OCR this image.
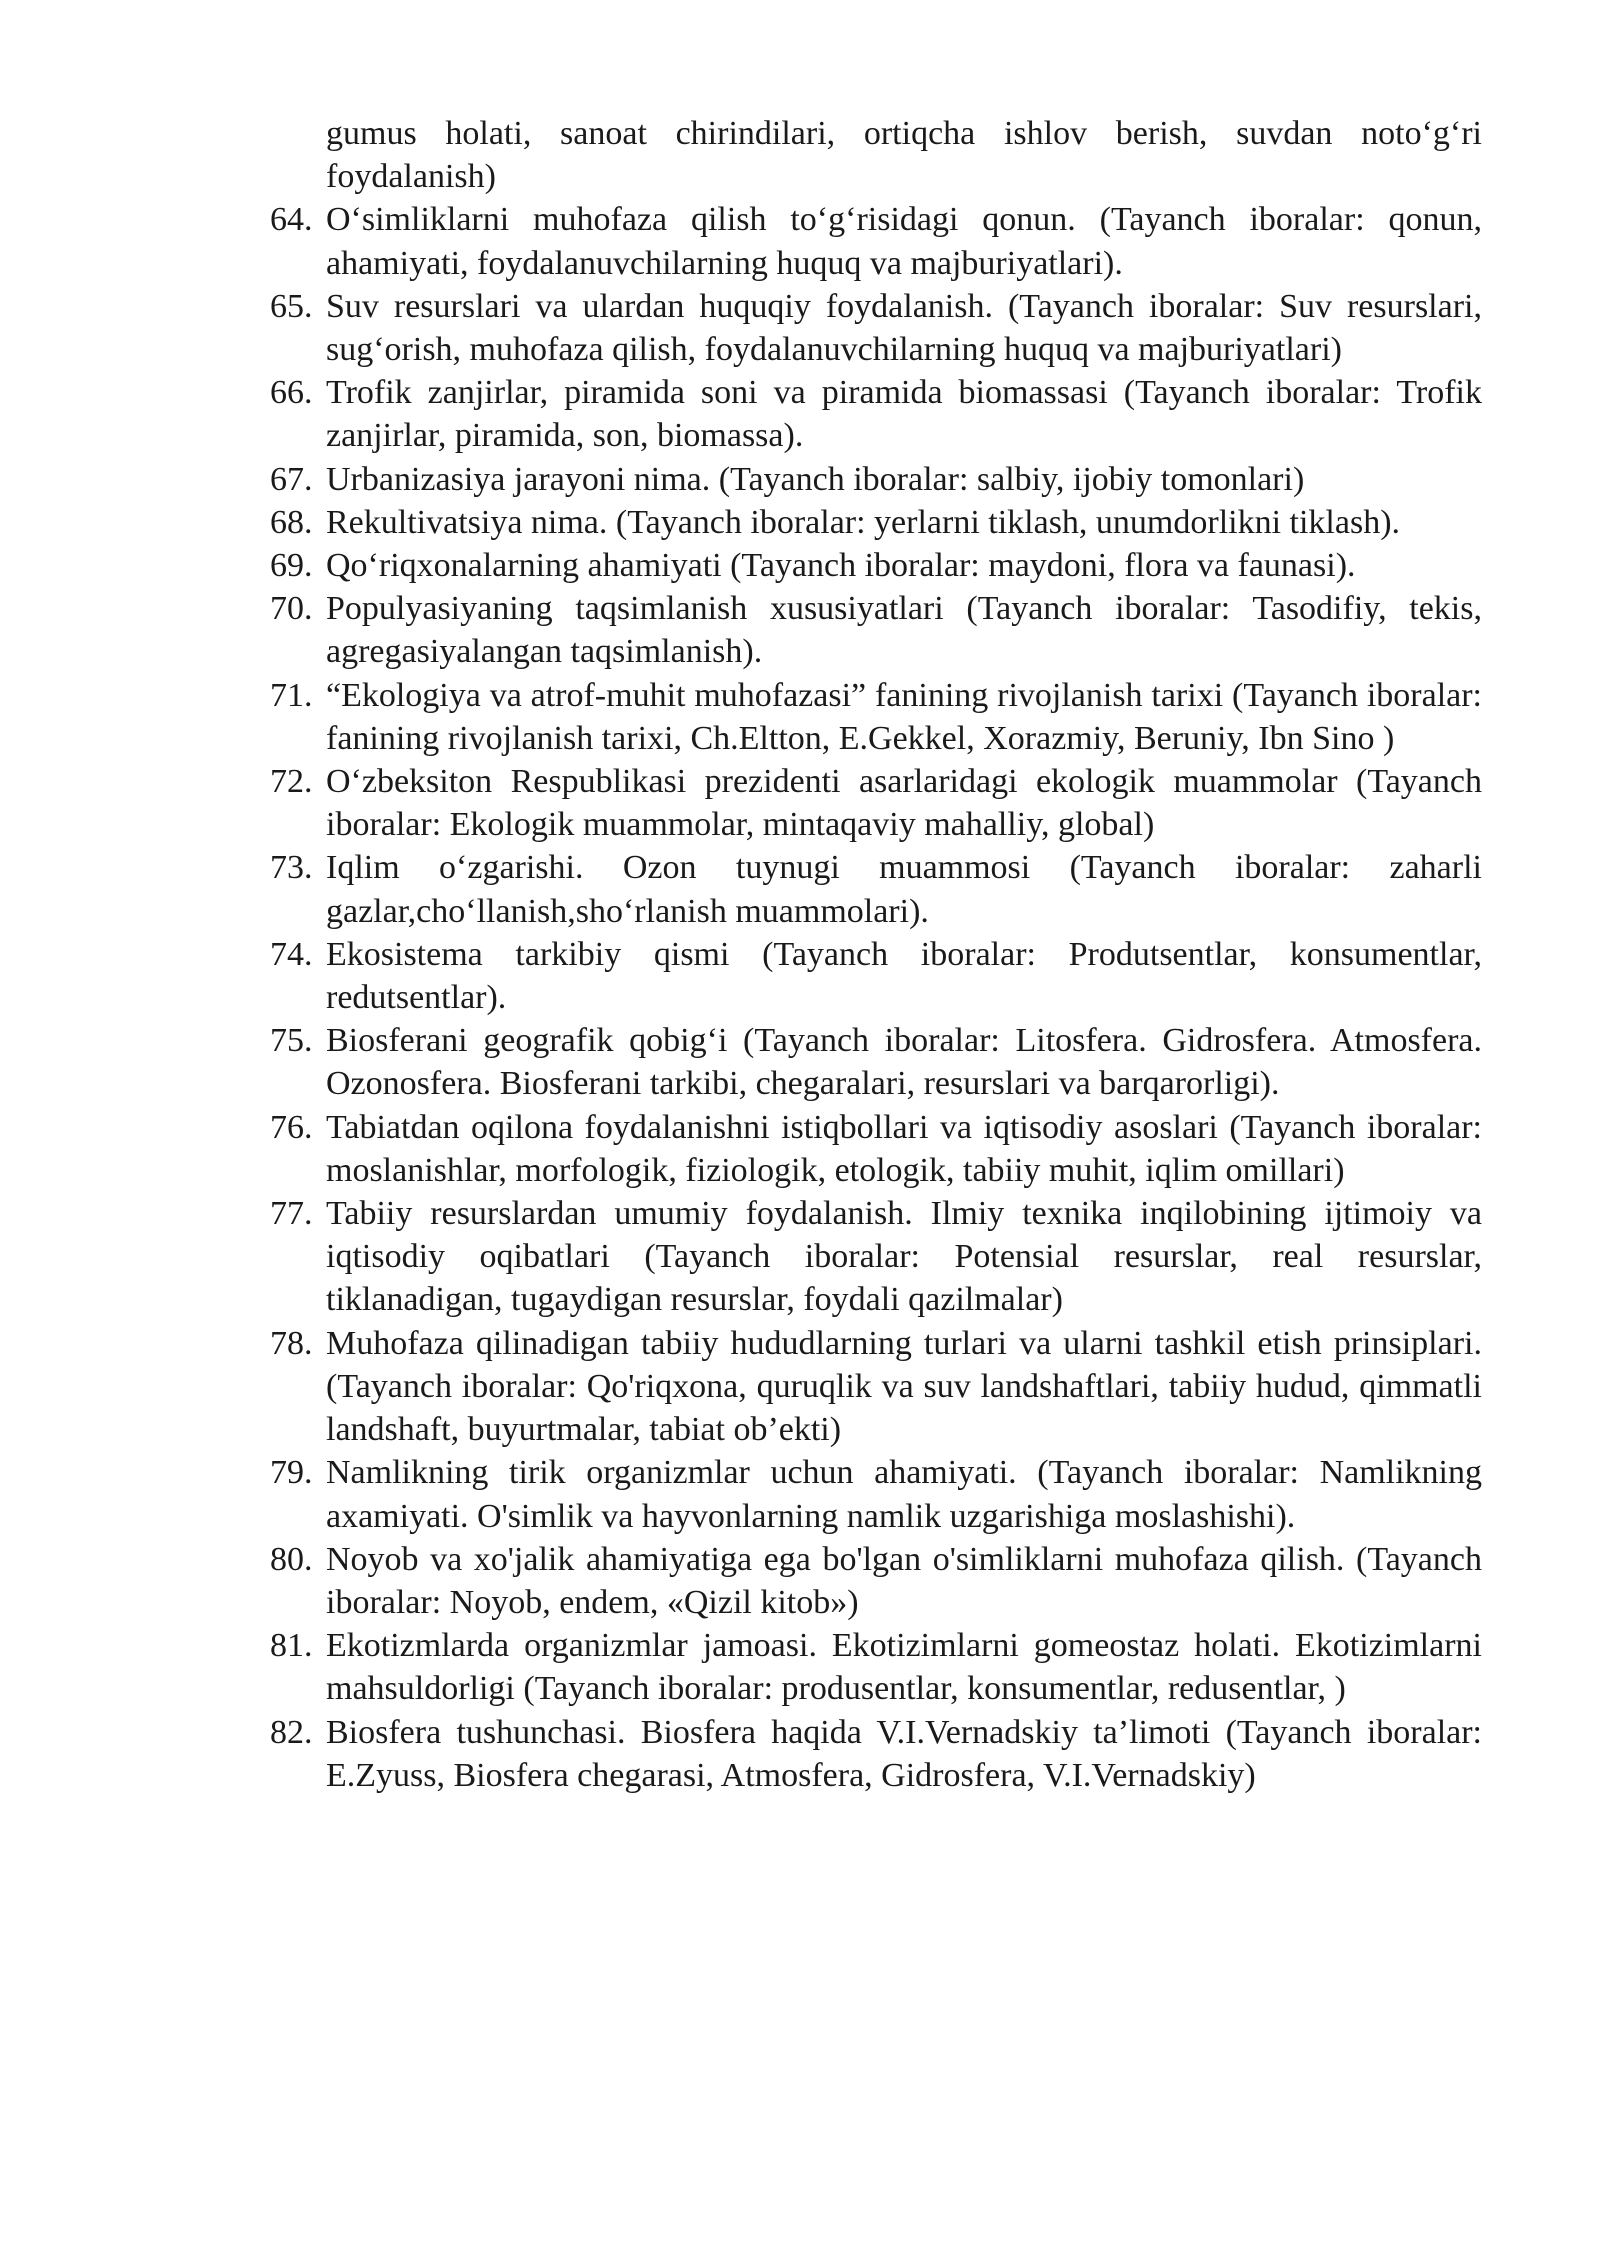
gumus holati, sanoat chirindilari, ortiqcha ishlov berish, suvdan noto‘g‘ri foydalanish)
64. O‘simliklarni muhofaza qilish to‘g‘risidagi qonun. (Tayanch iboralar: qonun, ahamiyati, foydalanuvchilarning huquq va majburiyatlari).
65. Suv resurslari va ulardan huquqiy foydalanish. (Tayanch iboralar: Suv resurslari, sug‘orish, muhofaza qilish, foydalanuvchilarning huquq va majburiyatlari)
66. Trofik zanjirlar, piramida soni va piramida biomassasi (Tayanch iboralar: Trofik zanjirlar, piramida, son, biomassa).
67. Urbanizasiya jarayoni nima. (Tayanch iboralar: salbiy, ijobiy tomonlari)
68. Rekultivatsiya nima. (Tayanch iboralar: yerlarni tiklash, unumdorlikni tiklash).
69. Qo‘riqxonalarning ahamiyati (Tayanch iboralar: maydoni, flora va faunasi).
70. Populyasiyaning taqsimlanish xususiyatlari (Tayanch iboralar: Tasodifiy, tekis, agregasiyalangan taqsimlanish).
71. “Ekologiya va atrof-muhit muhofazasi” fanining rivojlanish tarixi (Tayanch iboralar: fanining rivojlanish tarixi, Ch.Eltton, E.Gekkel, Xorazmiy, Beruniy, Ibn Sino )
72. O‘zbeksiton Respublikasi prezidenti asarlaridagi ekologik muammolar (Tayanch iboralar: Ekologik muammolar, mintaqaviy mahalliy, global)
73. Iqlim o‘zgarishi. Ozon tuynugi muammosi (Tayanch iboralar: zaharli gazlar,cho‘llanish,sho‘rlanish muammolari).
74. Ekosistema tarkibiy qismi (Tayanch iboralar: Produtsentlar, konsumentlar, redutsentlar).
75. Biosferani geografik qobig‘i (Tayanch iboralar: Litosfera. Gidrosfera. Atmosfera. Ozonosfera. Biosferani tarkibi, chegaralari, resurslari va barqarorligi).
76. Tabiatdan oqilona foydalanishni istiqbollari va iqtisodiy asoslari (Tayanch iboralar: moslanishlar, morfologik, fiziologik, etologik, tabiiy muhit, iqlim omillari)
77. Tabiiy resurslardan umumiy foydalanish. Ilmiy texnika inqilobining ijtimoiy va iqtisodiy oqibatlari (Tayanch iboralar: Potensial resurslar, real resurslar, tiklanadigan, tugaydigan resurslar, foydali qazilmalar)
78. Muhofaza qilinadigan tabiiy hududlarning turlari va ularni tashkil etish prinsiplari. (Tayanch iboralar: Qo'riqxona, quruqlik va suv landshaftlari, tabiiy hudud, qimmatli landshaft, buyurtmalar, tabiat ob’ekti)
79. Namlikning tirik organizmlar uchun ahamiyati. (Tayanch iboralar: Namlikning axamiyati. O'simlik va hayvonlarning namlik uzgarishiga moslashishi).
80. Noyob va xo'jalik ahamiyatiga ega bo'lgan o'simliklarni muhofaza qilish. (Tayanch iboralar: Noyob, endem, «Qizil kitob»)
81. Ekotizmlarda organizmlar jamoasi. Ekotizimlarni gomeostaz holati. Ekotizimlarni mahsuldorligi (Tayanch iboralar: produsentlar, konsumentlar, redusentlar, )
82. Biosfera tushunchasi. Biosfera haqida V.I.Vernadskiy ta’limoti (Tayanch iboralar: E.Zyuss, Biosfera chegarasi, Atmosfera, Gidrosfera, V.I.Vernadskiy)
